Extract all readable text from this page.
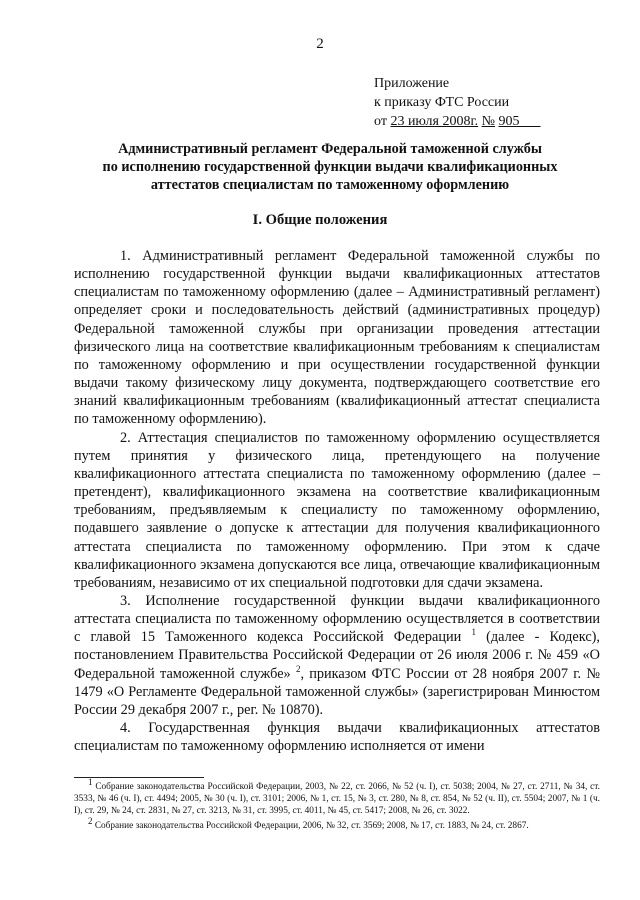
2
Приложение
к приказу ФТС России
от 23 июля 2008г. № 905
Административный регламент Федеральной таможенной службы
по исполнению государственной функции выдачи квалификационных
аттестатов специалистам по таможенному оформлению
I. Общие положения

1. Административный регламент Федеральной таможенной службы по исполнению государственной функции выдачи квалификационных аттестатов специалистам по таможенному оформлению (далее – Административный регламент) определяет сроки и последовательность действий (административных процедур) Федеральной таможенной службы при организации проведения аттестации физического лица на соответствие квалификационным требованиям к специалистам по таможенному оформлению и при осуществлении государственной функции выдачи такому физическому лицу документа, подтверждающего соответствие его знаний квалификационным требованиям (квалификационный аттестат специалиста по таможенному оформлению).

2. Аттестация специалистов по таможенному оформлению осуществляется путем принятия у физического лица, претендующего на получение квалификационного аттестата специалиста по таможенному оформлению (далее – претендент), квалификационного экзамена на соответствие квалификационным требованиям, предъявляемым к специалисту по таможенному оформлению, подавшего заявление о допуске к аттестации для получения квалификационного аттестата специалиста по таможенному оформлению. При этом к сдаче квалификационного экзамена допускаются все лица, отвечающие квалификационным требованиям, независимо от их специальной подготовки для сдачи экзамена.

3. Исполнение государственной функции выдачи квалификационного аттестата специалиста по таможенному оформлению осуществляется в соответствии с главой 15 Таможенного кодекса Российской Федерации $^1$ (далее - Кодекс), постановлением Правительства Российской Федерации от 26 июля 2006 г. № 459 «О Федеральной таможенной службе» $^2$, приказом ФТС России от 28 ноября 2007 г. № 1479 «О Регламенте Федеральной таможенной службы» (зарегистрирован Минюстом России 29 декабря 2007 г., рег. № 10870).

4. Государственная функция выдачи квалификационных аттестатов специалистам по таможенному оформлению исполняется от имени

$^1$ Собрание законодательства Российской Федерации, 2003, № 22, ст. 2066, № 52 (ч. I), ст. 5038; 2004, № 27, ст. 2711, № 34, ст. 3533, № 46 (ч. I), ст. 4494; 2005, № 30 (ч. I), ст. 3101; 2006, № 1, ст. 15, № 3, ст. 280, № 8, ст. 854, № 52 (ч. II), ст. 5504; 2007, № 1 (ч. I), ст. 29, № 24, ст. 2831, № 27, ст. 3213, № 31, ст. 3995, ст. 4011, № 45, ст. 5417; 2008, № 26, ст. 3022.

$^2$ Собрание законодательства Российской Федерации, 2006, № 32, ст. 3569; 2008, № 17, ст. 1883, № 24, ст. 2867.
